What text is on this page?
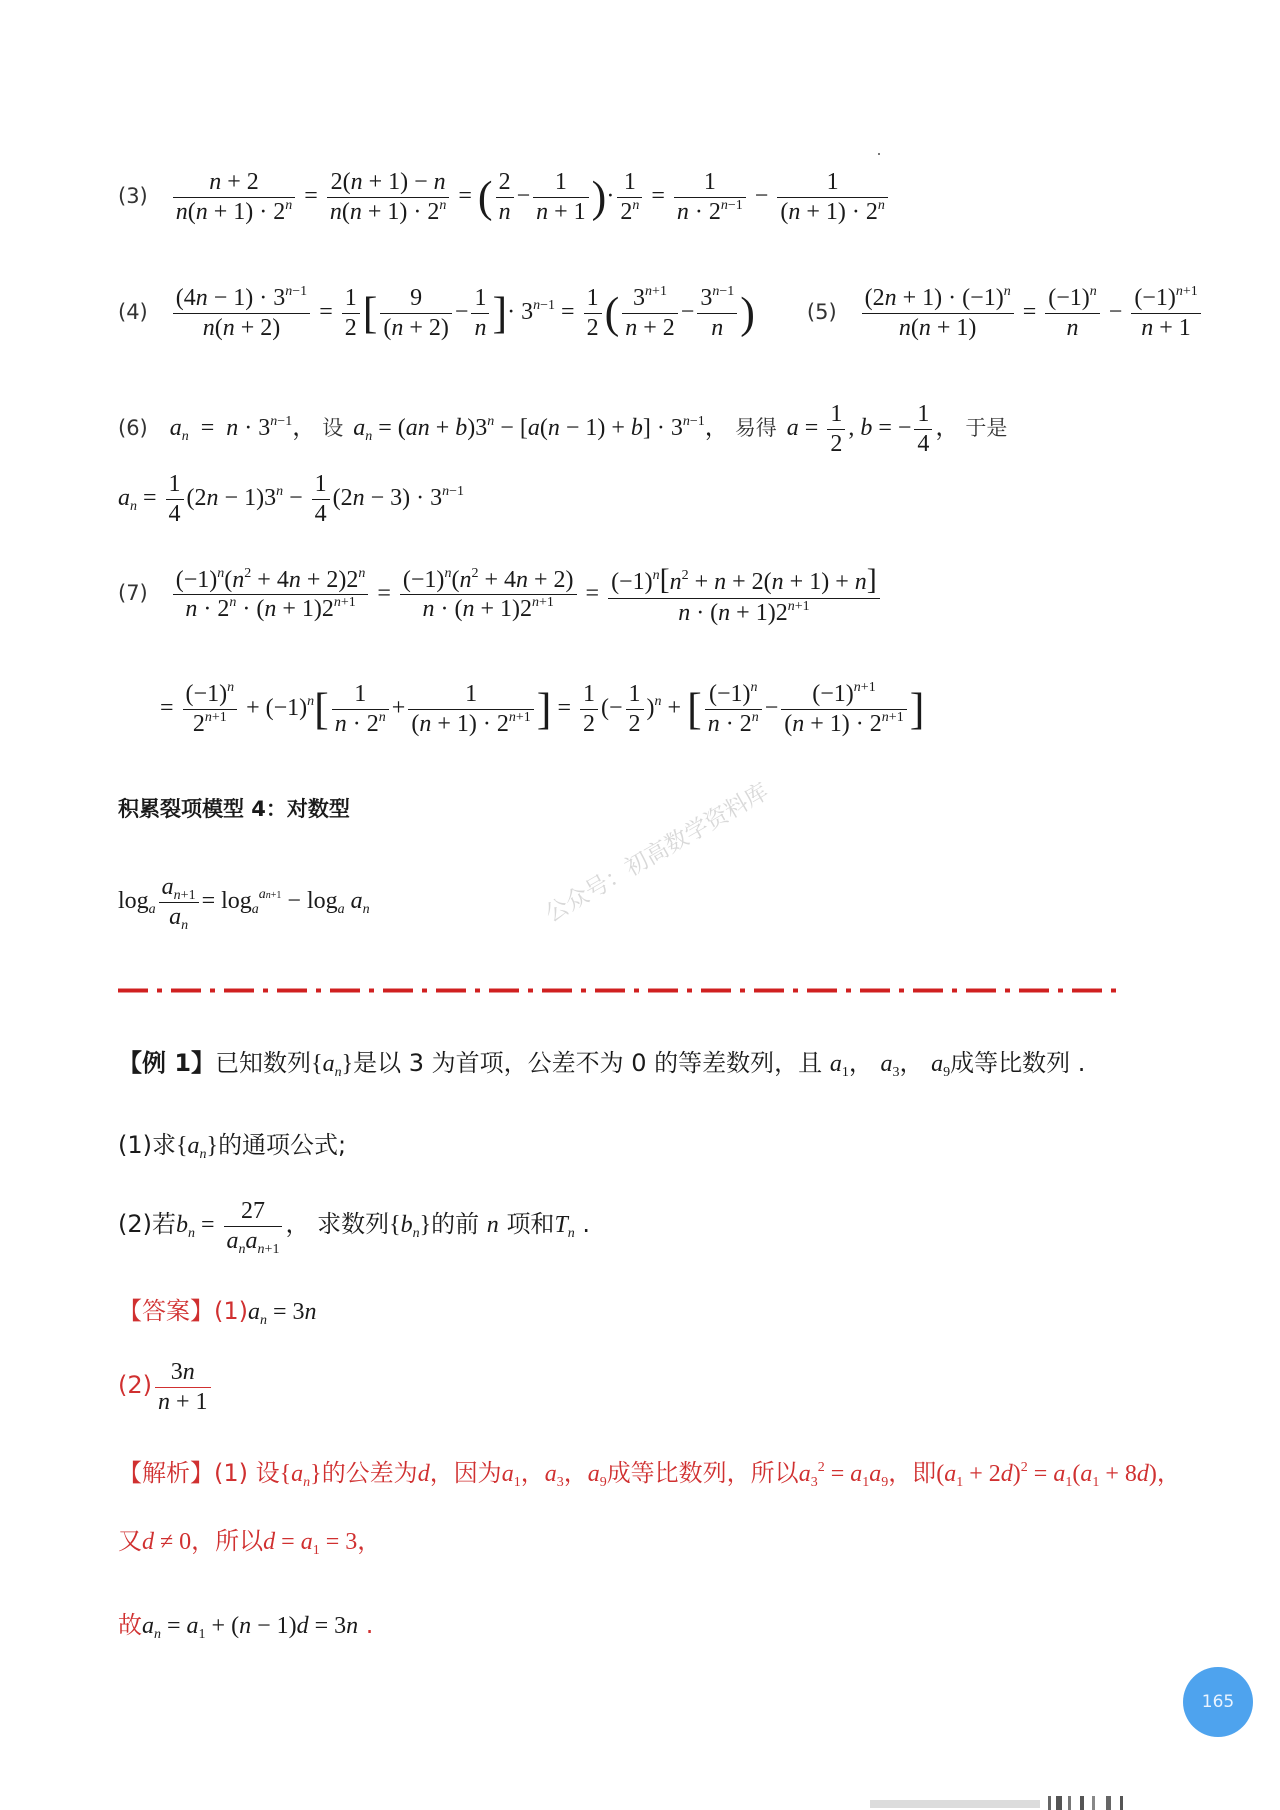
$(3) \frac{n + 2}{n(n + 1) \cdot 2^n} = \frac{2(n + 1) - n}{n(n + 1) \cdot 2^n}$ = ( $\frac{2}{n} - \frac{1}{n + 1}$ )· $\frac{1}{2^n} = \frac{1}{n \cdot 2^{n-1}} - \frac{1}{(n + 1) \cdot 2^n}$
$(4) \frac{(4n - 1) \cdot 3^{n-1}}{n(n + 2)} = \frac{1}{2}$ [ $\frac{9}{(n + 2)} - \frac{1}{n}$ ]· $3^{n-1} = \frac{1}{2}$ ( $\frac{3^{n+1}}{n + 2} - \frac{3^{n-1}}{n}$ ) $(5) \frac{(2n + 1) \cdot (-1)^n}{n(n + 1)} = \frac{(-1)^n}{n} - \frac{(-1)^{n+1}}{n + 1}$
(6) $a_n = n \cdot 3^{n-1}$， 设 $a_n = (an + b)3^n - [a(n - 1) + b] \cdot 3^{n-1}$， 易得 $a = \frac{1}{2}$ , b = − $\frac{1}{4}$ ， 于是
$a_n = \frac{1}{4} (2n - 1)3^n - \frac{1}{4} (2n - 3) \cdot 3^{n-1}$
$(7) \frac{(-1)^n(n^2 + 4n + 2)2^n}{n \cdot 2^n \cdot (n + 1)2^{n+1}} = \frac{(-1)^n(n^2 + 4n + 2)}{n \cdot (n + 1)2^{n+1}} = \frac{(-1)^n[n^2 + n + 2(n + 1) + n]}{n \cdot (n + 1)2^{n+1}}$
= $\frac{(-1)^n}{2^{n+1}} + (-1)^n[ \frac{1}{n \cdot 2^n} + \frac{1}{(n + 1) \cdot 2^{n+1}}$ ] = $\frac{1}{2}$ (− $\frac{1}{2} )^n$ + [ $\frac{(-1)^n}{n \cdot 2^n} - \frac{(-1)^{n+1}}{(n + 1) \cdot 2^{n+1}}$ ]
积累裂项模型 4：对数型
$\log_a \frac{a_{n+1}}{a_n} = \log_a^{an+1} - \log_a a_n$	公众号：初高数学资料库
【例 1】已知数列$\{a_n\}$是以 3 为首项，公差不为 0 的等差数列，且 $a_1$， $a_3$， $a_9$成等比数列 .
(1)求$\{a_n\}$的通项公式;
(2)若$b_n = \frac{27}{a_na_{n+1}}$ ， 求数列$\{b_n\}$的前 n 项和$T_n$ .
【答案】$(1)a_n = 3n$
$(2) \frac{3n}{n + 1}$
【解析】(1) 设$\{a_n\}$的公差为d，因为$a_1$，$a_3$，$a_9$成等比数列，所以$a_3^2 = a_1a_9$，即$(a_1 + 2d)^2 = a_1(a_1 + 8d)$，
又d ≠ 0，所以$d = a_1 = 3$，
故$a_n = a_1 + (n - 1)d = 3n$ .
165
